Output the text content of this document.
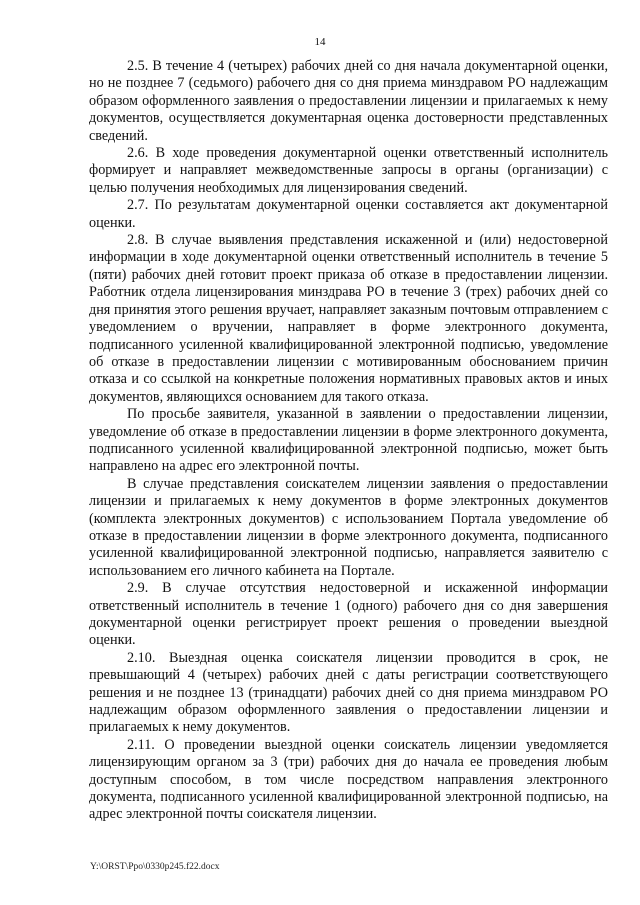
14

2.5. В течение 4 (четырех) рабочих дней со дня начала документарной оценки, но не позднее 7 (седьмого) рабочего дня со дня приема минздравом РО надлежащим образом оформленного заявления о предоставлении лицензии и прилагаемых к нему документов, осуществляется документарная оценка достоверности представленных сведений.

2.6. В ходе проведения документарной оценки ответственный исполнитель формирует и направляет межведомственные запросы в органы (организации) с целью получения необходимых для лицензирования сведений.

2.7. По результатам документарной оценки составляется акт документарной оценки.

2.8. В случае выявления представления искаженной и (или) недостоверной информации в ходе документарной оценки ответственный исполнитель в течение 5 (пяти) рабочих дней готовит проект приказа об отказе в предоставлении лицензии. Работник отдела лицензирования минздрава РО в течение 3 (трех) рабочих дней со дня принятия этого решения вручает, направляет заказным почтовым отправлением с уведомлением о вручении, направляет в форме электронного документа, подписанного усиленной квалифицированной электронной подписью, уведомление об отказе в предоставлении лицензии с мотивированным обоснованием причин отказа и со ссылкой на конкретные положения нормативных правовых актов и иных документов, являющихся основанием для такого отказа.

По просьбе заявителя, указанной в заявлении о предоставлении лицензии, уведомление об отказе в предоставлении лицензии в форме электронного документа, подписанного усиленной квалифицированной электронной подписью, может быть направлено на адрес его электронной почты.

В случае представления соискателем лицензии заявления о предоставлении лицензии и прилагаемых к нему документов в форме электронных документов (комплекта электронных документов) с использованием Портала уведомление об отказе в предоставлении лицензии в форме электронного документа, подписанного усиленной квалифицированной электронной подписью, направляется заявителю с использованием его личного кабинета на Портале.

2.9. В случае отсутствия недостоверной и искаженной информации ответственный исполнитель в течение 1 (одного) рабочего дня со дня завершения документарной оценки регистрирует проект решения о проведении выездной оценки.

2.10. Выездная оценка соискателя лицензии проводится в срок, не превышающий 4 (четырех) рабочих дней с даты регистрации соответствующего решения и не позднее 13 (тринадцати) рабочих дней со дня приема минздравом РО надлежащим образом оформленного заявления о предоставлении лицензии и прилагаемых к нему документов.

2.11. О проведении выездной оценки соискатель лицензии уведомляется лицензирующим органом за 3 (три) рабочих дня до начала ее проведения любым доступным способом, в том числе посредством направления электронного документа, подписанного усиленной квалифицированной электронной подписью, на адрес электронной почты соискателя лицензии.

Y:\ORST\Ppo\0330p245.f22.docx
